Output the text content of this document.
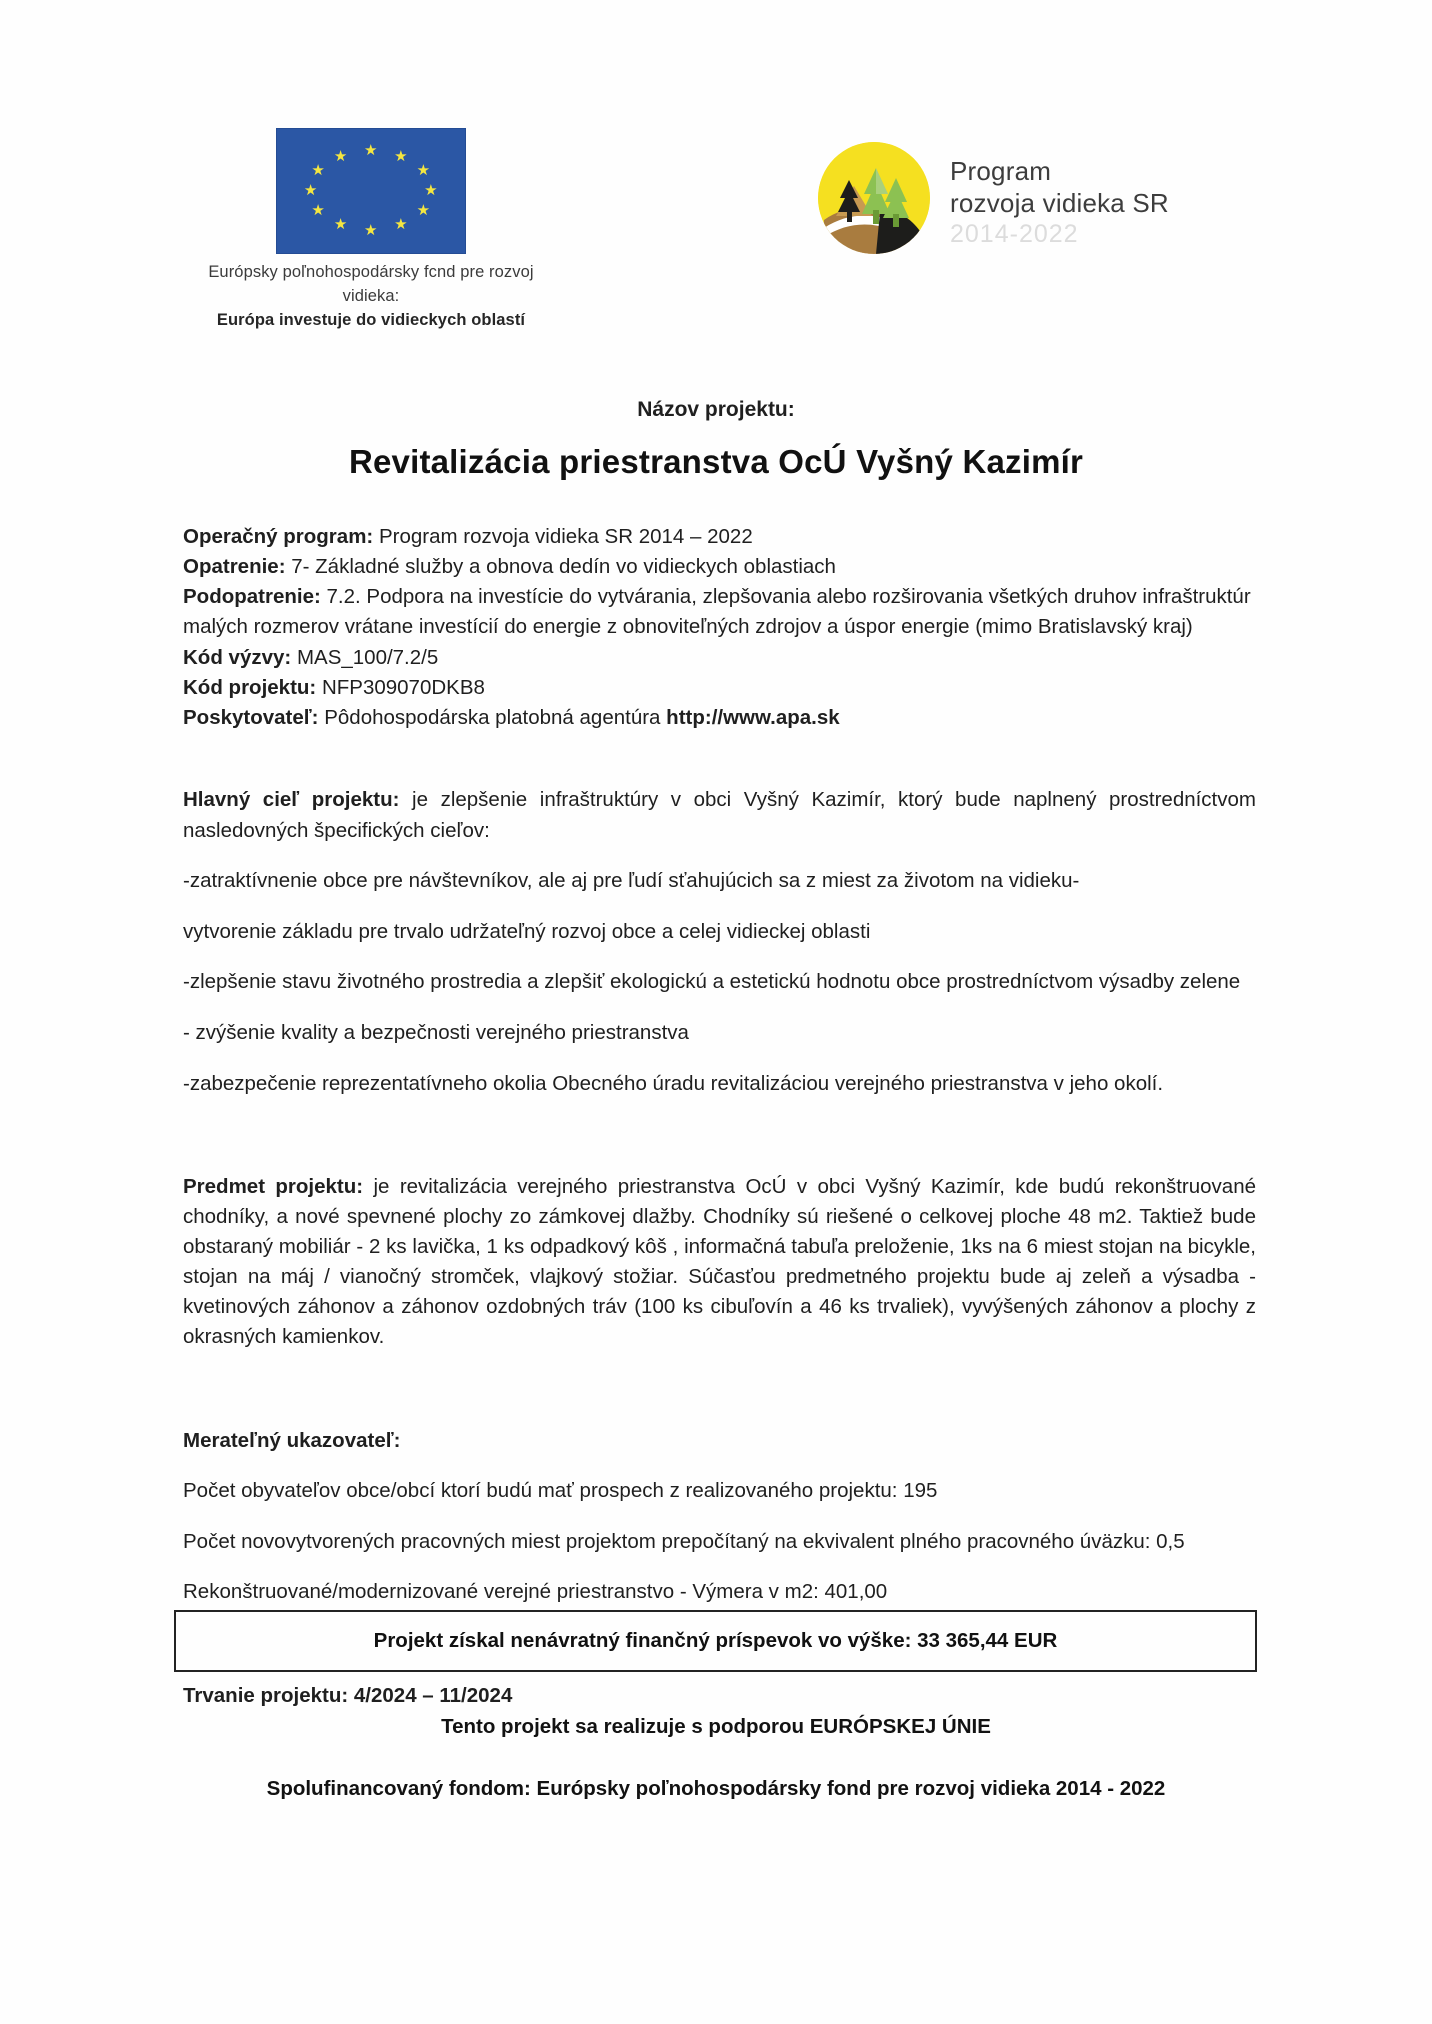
Európsky poľnohospodársky fcnd pre rozvoj vidieka:
Európa investuje do vidieckych oblastí
Program
rozvoja vidieka SR
2014-2022
Názov projektu:
Revitalizácia priestranstva OcÚ Vyšný Kazimír

Operačný program: Program rozvoja vidieka SR 2014 – 2022

Opatrenie: 7- Základné služby a obnova dedín vo vidieckych oblastiach

Podopatrenie: 7.2. Podpora na investície do vytvárania, zlepšovania alebo rozširovania všetkých druhov infraštruktúr malých rozmerov vrátane investícií do energie z obnoviteľných zdrojov a úspor energie (mimo Bratislavský kraj)

Kód výzvy: MAS_100/7.2/5

Kód projektu: NFP309070DKB8

Poskytovateľ: Pôdohospodárska platobná agentúra http://www.apa.sk

Hlavný cieľ projektu: je zlepšenie infraštruktúry v obci Vyšný Kazimír, ktorý bude naplnený prostredníctvom nasledovných špecifických cieľov:

-zatraktívnenie obce pre návštevníkov, ale aj pre ľudí sťahujúcich sa z miest za životom na vidieku-

vytvorenie základu pre trvalo udržateľný rozvoj obce a celej vidieckej oblasti

-zlepšenie stavu životného prostredia a zlepšiť ekologickú a estetickú hodnotu obce prostredníctvom výsadby zelene

- zvýšenie kvality a bezpečnosti verejného priestranstva

-zabezpečenie reprezentatívneho okolia Obecného úradu revitalizáciou verejného priestranstva v jeho okolí.

Predmet projektu: je revitalizácia verejného priestranstva OcÚ v obci Vyšný Kazimír, kde budú rekonštruované chodníky, a nové spevnené plochy zo zámkovej dlažby. Chodníky sú riešené o celkovej ploche 48 m2. Taktiež bude obstaraný mobiliár - 2 ks lavička, 1 ks odpadkový kôš , informačná tabuľa preloženie, 1ks na 6 miest stojan na bicykle, stojan na máj / vianočný stromček, vlajkový stožiar. Súčasťou predmetného projektu bude aj zeleň a výsadba - kvetinových záhonov a záhonov ozdobných tráv (100 ks cibuľovín a 46 ks trvaliek), vyvýšených záhonov a plochy z okrasných kamienkov.

Merateľný ukazovateľ:

Počet obyvateľov obce/obcí ktorí budú mať prospech z realizovaného projektu: 195

Počet novovytvorených pracovných miest projektom prepočítaný na ekvivalent plného pracovného úväzku: 0,5

Rekonštruované/modernizované verejné priestranstvo - Výmera v m2: 401,00

Trvanie projektu: 4/2024 – 11/2024

Projekt získal nenávratný finančný príspevok vo výške: 33 365,44 EUR
Tento projekt sa realizuje s podporou EURÓPSKEJ ÚNIE
Spolufinancovaný fondom: Európsky poľnohospodársky fond pre rozvoj vidieka 2014 - 2022
